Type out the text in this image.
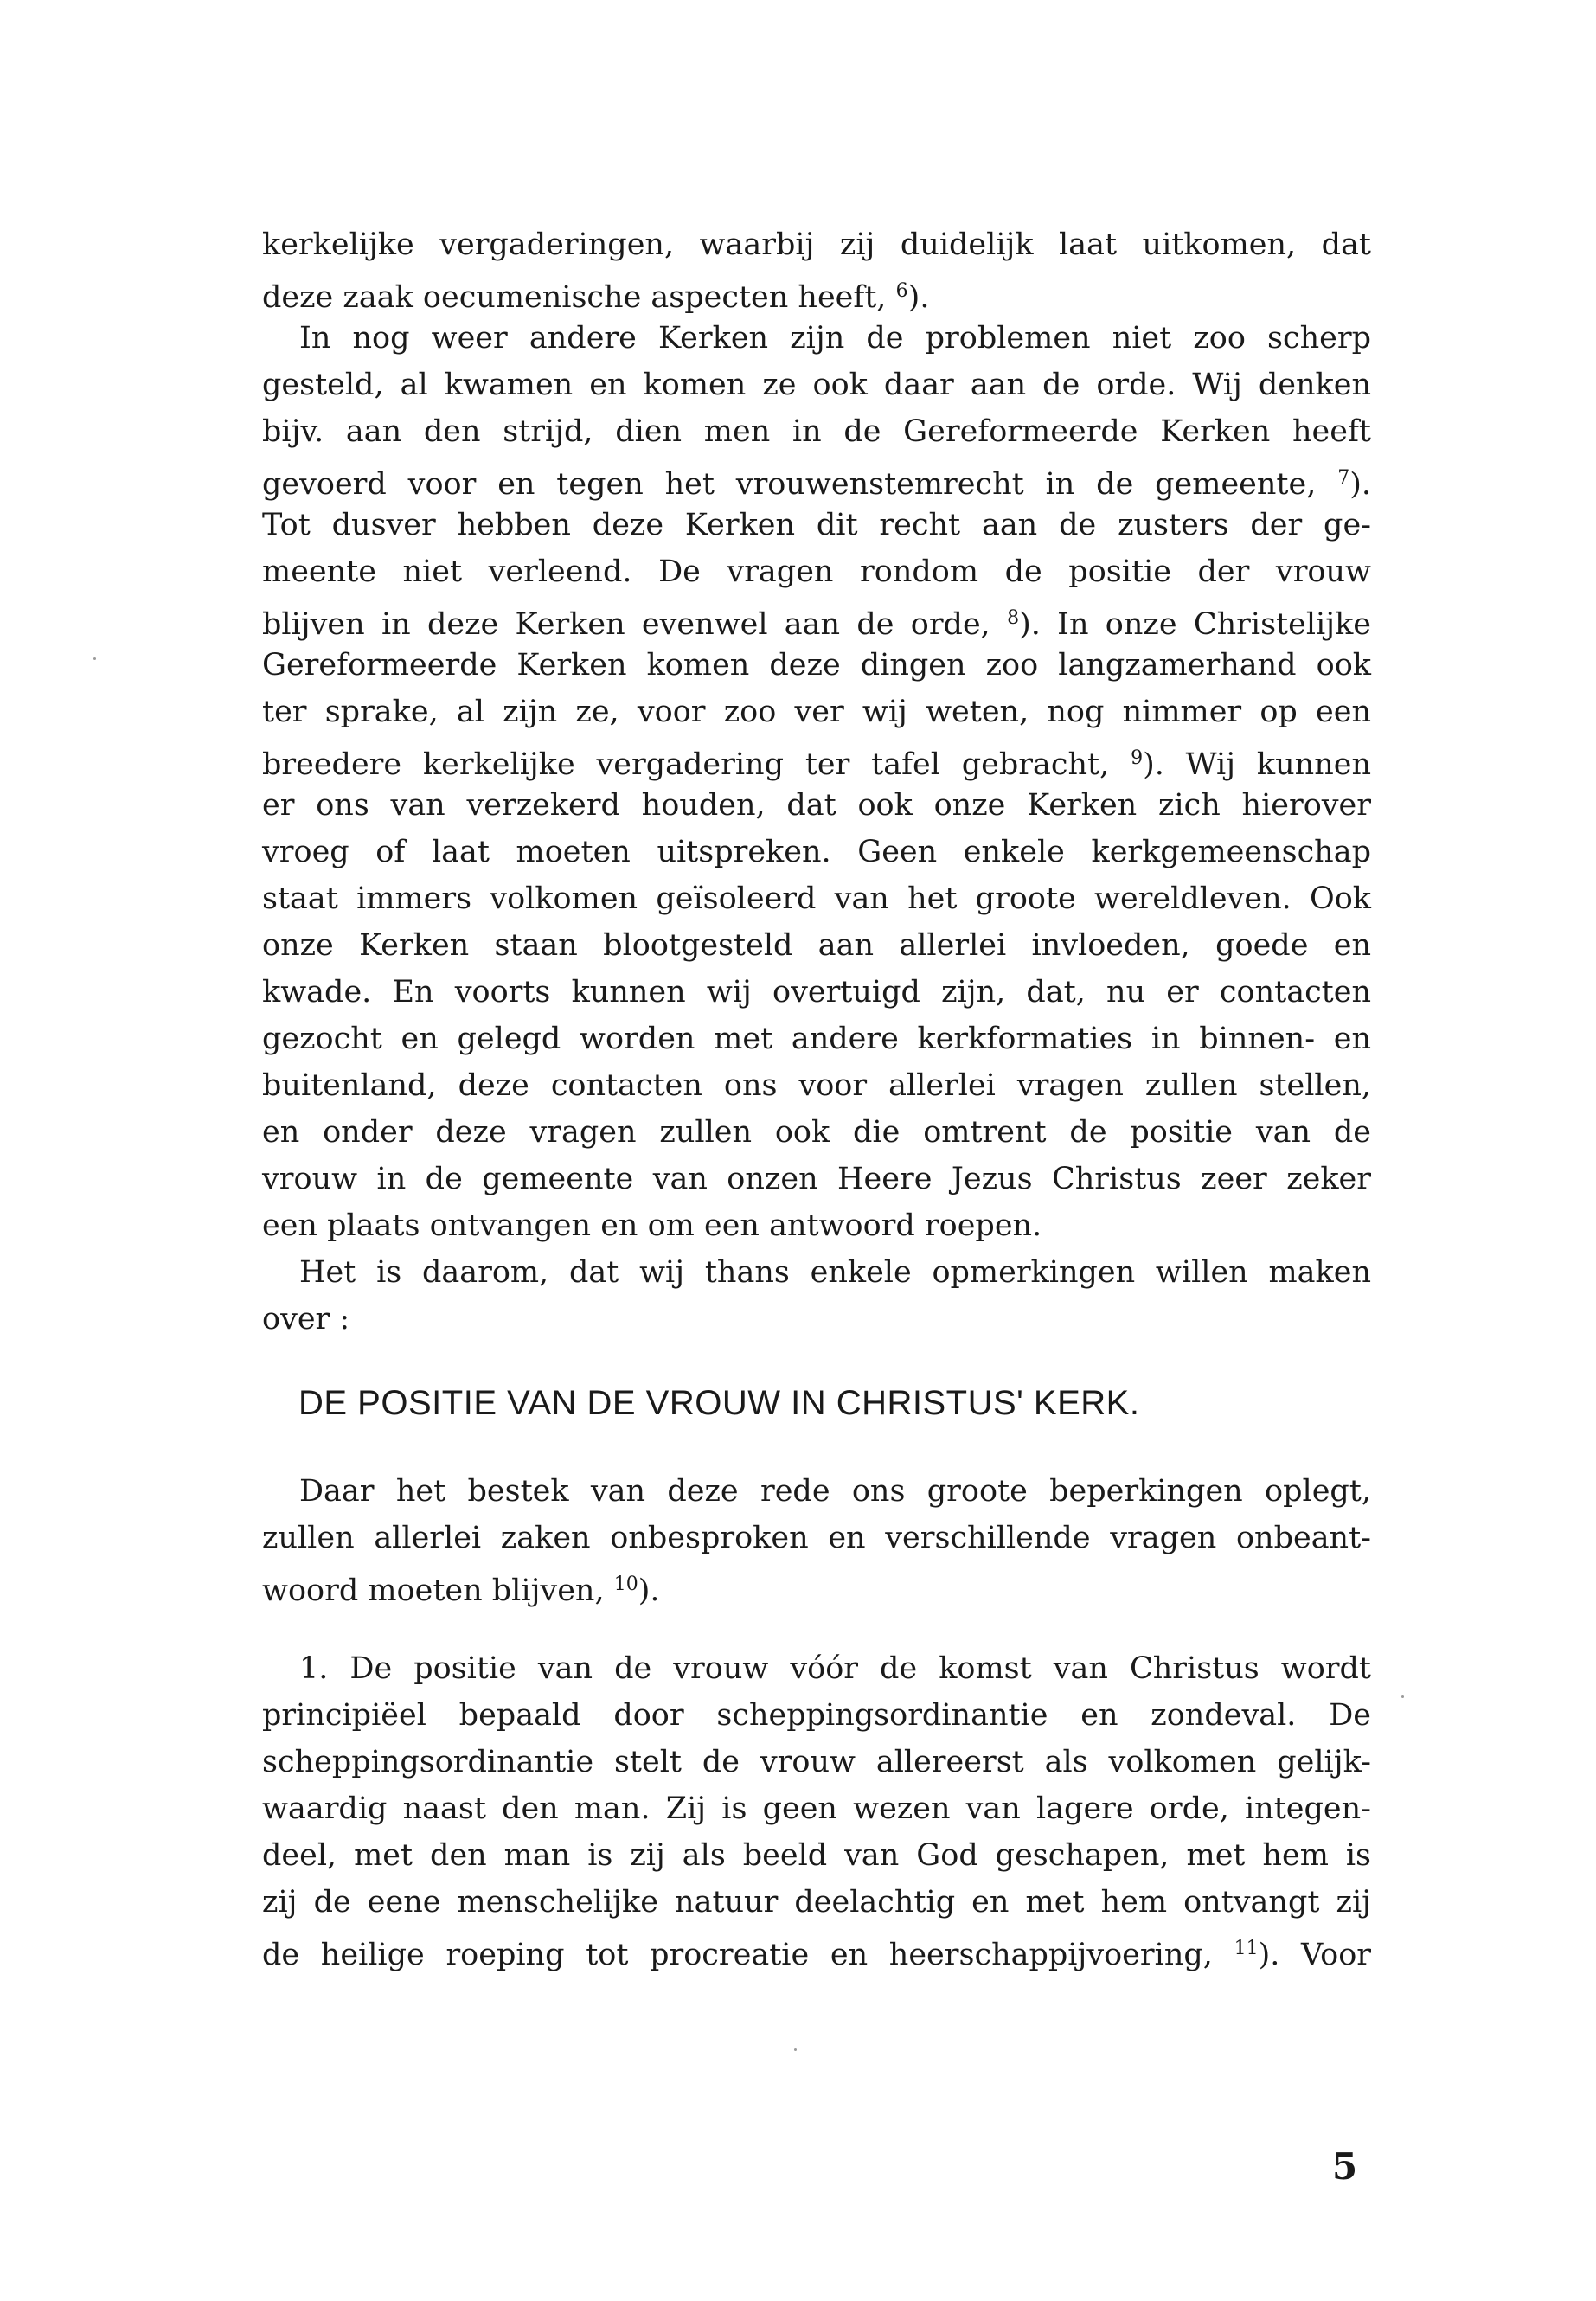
kerkelijke vergaderingen, waarbij zij duidelijk laat uitkomen, dat
deze zaak oecumenische aspecten heeft, $^6$).
In nog weer andere Kerken zijn de problemen niet zoo scherp
gesteld, al kwamen en komen ze ook daar aan de orde. Wij denken
bijv. aan den strijd, dien men in de Gereformeerde Kerken heeft
gevoerd voor en tegen het vrouwenstemrecht in de gemeente, $^7$).
Tot dusver hebben deze Kerken dit recht aan de zusters der ge-
meente niet verleend. De vragen rondom de positie der vrouw
blijven in deze Kerken evenwel aan de orde, $^8$). In onze Christelijke
Gereformeerde Kerken komen deze dingen zoo langzamerhand ook
ter sprake, al zijn ze, voor zoo ver wij weten, nog nimmer op een
breedere kerkelijke vergadering ter tafel gebracht, $^9$). Wij kunnen
er ons van verzekerd houden, dat ook onze Kerken zich hierover
vroeg of laat moeten uitspreken. Geen enkele kerkgemeenschap
staat immers volkomen geïsoleerd van het groote wereldleven. Ook
onze Kerken staan blootgesteld aan allerlei invloeden, goede en
kwade. En voorts kunnen wij overtuigd zijn, dat, nu er contacten
gezocht en gelegd worden met andere kerkformaties in binnen- en
buitenland, deze contacten ons voor allerlei vragen zullen stellen,
en onder deze vragen zullen ook die omtrent de positie van de
vrouw in de gemeente van onzen Heere Jezus Christus zeer zeker
een plaats ontvangen en om een antwoord roepen.
Het is daarom, dat wij thans enkele opmerkingen willen maken
over :
DE POSITIE VAN DE VROUW IN CHRISTUS' KERK.
Daar het bestek van deze rede ons groote beperkingen oplegt,
zullen allerlei zaken onbesproken en verschillende vragen onbeant-
woord moeten blijven, $^{10}$).
1. De positie van de vrouw vóór de komst van Christus wordt
principiëel bepaald door scheppingsordinantie en zondeval. De
scheppingsordinantie stelt de vrouw allereerst als volkomen gelijk-
waardig naast den man. Zij is geen wezen van lagere orde, integen-
deel, met den man is zij als beeld van God geschapen, met hem is
zij de eene menschelijke natuur deelachtig en met hem ontvangt zij
de heilige roeping tot procreatie en heerschappijvoering, $^{11}$). Voor
5
